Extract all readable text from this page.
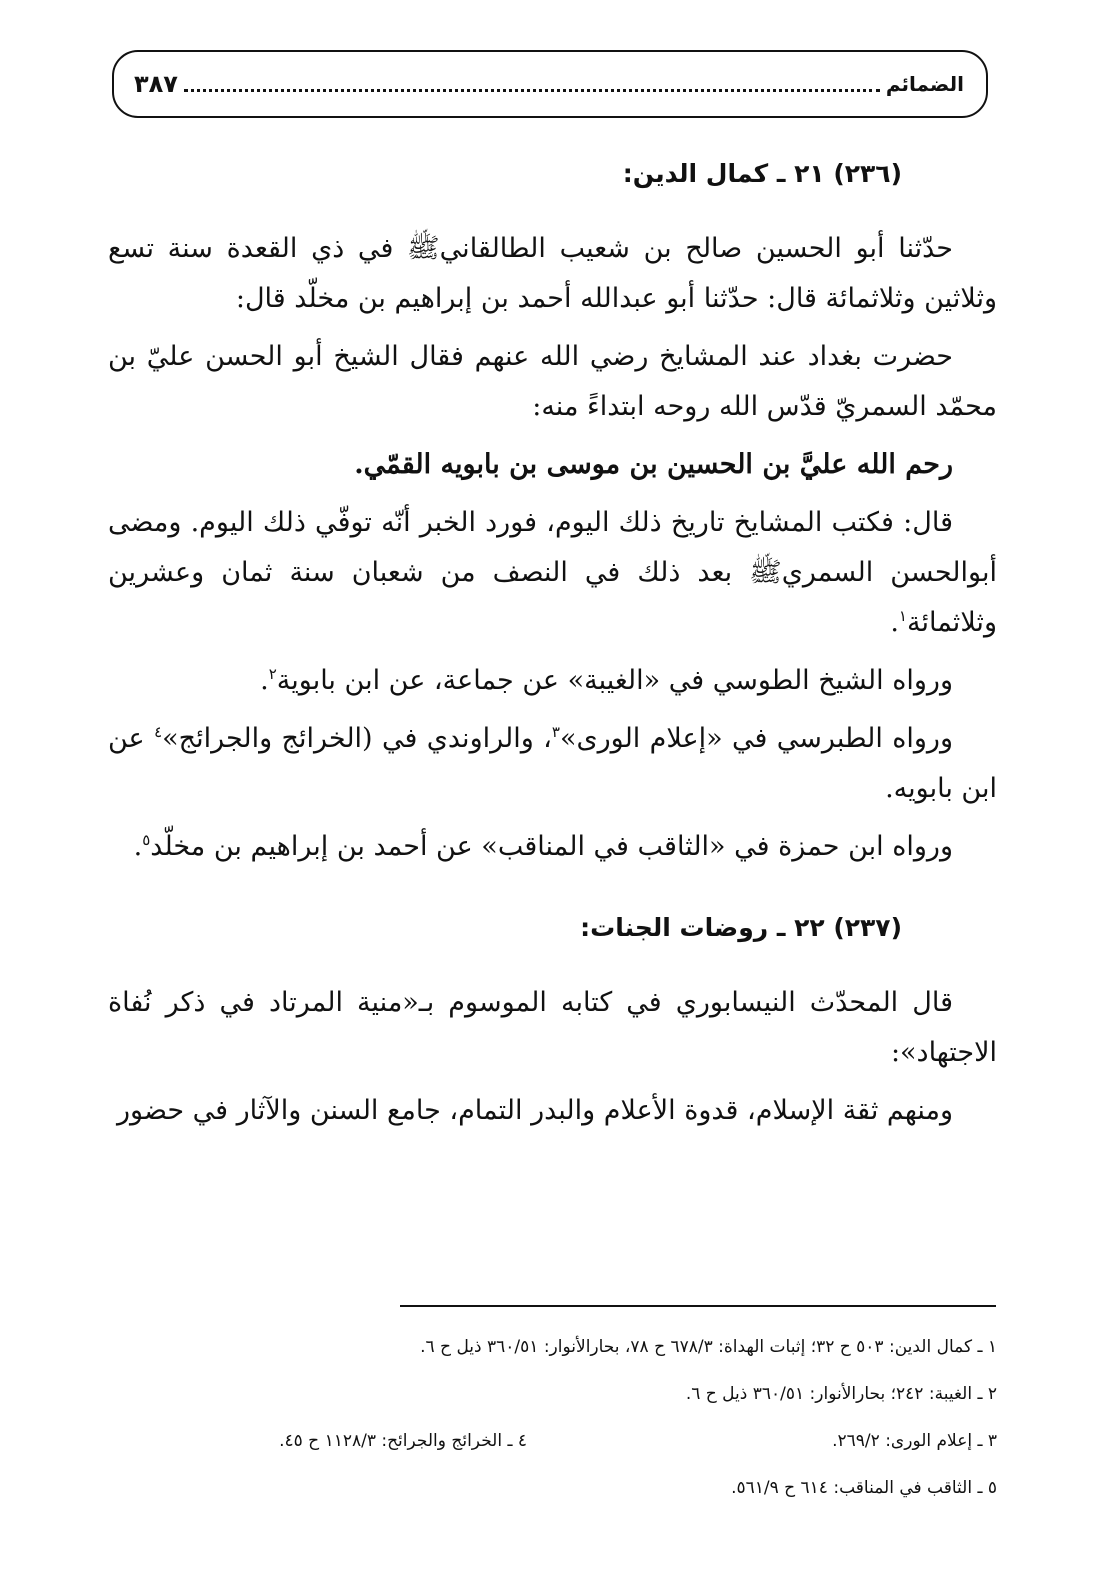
الضمائم
٣٨٧

(٢٣٦) ٢١ ـ كمال الدين:

حدّثنا أبو الحسين صالح بن شعيب الطالقانيﷺ في ذي القعدة سنة تسع وثلاثين وثلاثمائة قال: حدّثنا أبو عبدالله أحمد بن إبراهيم بن مخلّد قال:

حضرت بغداد عند المشايخ رضي الله عنهم فقال الشيخ أبو الحسن عليّ بن محمّد السمريّ قدّس الله روحه ابتداءً منه:

رحم الله عليَّ بن الحسين بن موسى بن بابويه القمّي.

قال: فكتب المشايخ تاريخ ذلك اليوم، فورد الخبر أنّه توفّي ذلك اليوم. ومضى أبوالحسن السمريﷺ بعد ذلك في النصف من شعبان سنة ثمان وعشرين وثلاثمائة$^١$.

ورواه الشيخ الطوسي في «الغيبة» عن جماعة، عن ابن بابوية$^٢$.

ورواه الطبرسي في «إعلام الورى»$^٣$، والراوندي في (الخرائج والجرائج»$^٤$ عن ابن بابويه.

ورواه ابن حمزة في «الثاقب في المناقب» عن أحمد بن إبراهيم بن مخلّد$^٥$.

(٢٣٧) ٢٢ ـ روضات الجنات:

قال المحدّث النيسابوري في كتابه الموسوم بـ«منية المرتاد في ذكر نُفاة الاجتهاد»:

ومنهم ثقة الإسلام، قدوة الأعلام والبدر التمام، جامع السنن والآثار في حضور

١ ـ كمال الدين: ٥٠٣ ح ٣٢؛ إثبات الهداة: ٦٧٨/٣ ح ٧٨، بحارالأنوار: ٣٦٠/٥١ ذيل ح ٦.

٢ ـ الغيبة: ٢٤٢؛ بحارالأنوار: ٣٦٠/٥١ ذيل ح ٦.

٣ ـ إعلام الورى: ٢٦٩/٢.
٤ ـ الخرائج والجرائح: ١١٢٨/٣ ح ٤٥.

٥ ـ الثاقب في المناقب: ٦١٤ ح ٥٦١/٩.
